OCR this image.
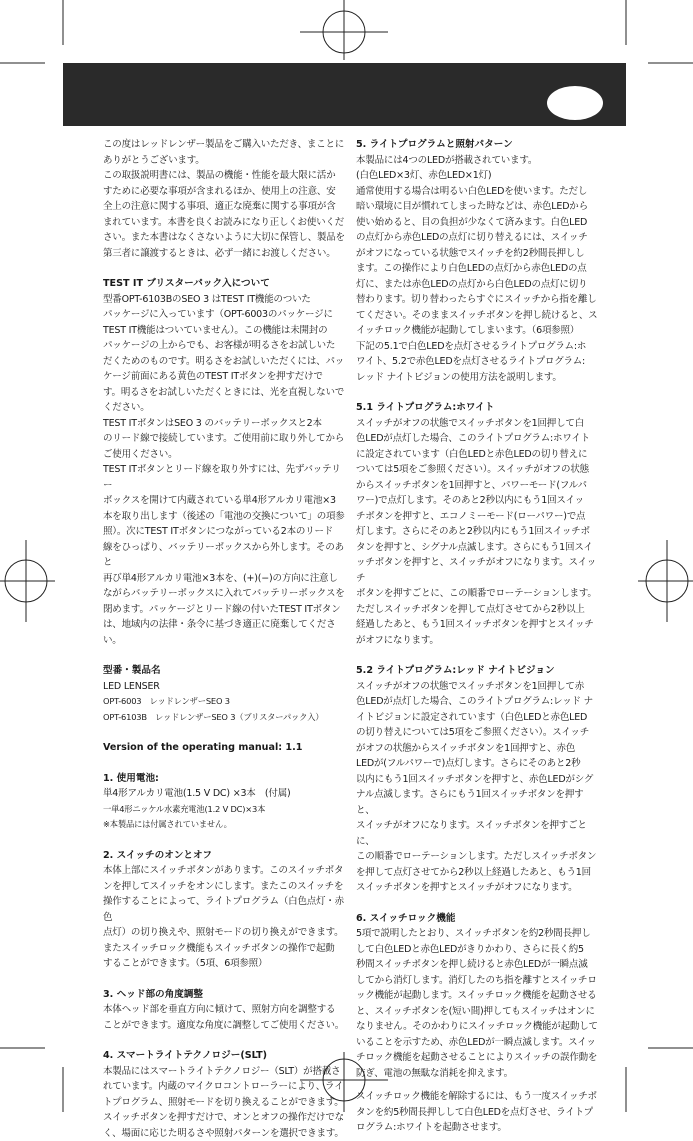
この度はレッドレンザー製品をご購入いただき、まことに
ありがとうございます。
この取扱説明書には、製品の機能・性能を最大限に活か
すために必要な事項が含まれるほか、使用上の注意、安
全上の注意に関する事項、適正な廃棄に関する事項が含
まれています。本書を良くお読みになり正しくお使いくだ
さい。また本書はなくさないように大切に保管し、製品を
第三者に譲渡するときは、必ず一緒にお渡しください。

TEST IT ブリスターパック入について

型番OPT-6103BのSEO 3 はTEST IT機能のついた
パッケージに入っています（OPT-6003のパッケージに
TEST IT機能はついていません）。この機能は未開封の
パッケージの上からでも、お客様が明るさをお試しいた
だくためのものです。明るさをお試しいただくには、パッ
ケージ前面にある黄色のTEST ITボタンを押すだけで
す。明るさをお試しいただくときには、光を直視しないで
ください。

TEST ITボタンはSEO 3 のバッテリーボックスと2本
のリード線で接続しています。ご使用前に取り外してから
ご使用ください。

TEST ITボタンとリード線を取り外すには、先ずバッテリー
ボックスを開けて内蔵されている単4形アルカリ電池×3
本を取り出します（後述の「電池の交換について」の項参
照）。次にTEST ITボタンにつながっている2本のリード
線をひっぱり、バッテリーボックスから外します。そのあと
再び単4形アルカリ電池×3本を、(+)(−)の方向に注意し
ながらバッテリーボックスに入れてバッテリーボックスを
閉めます。パッケージとリード線の付いたTEST ITボタン
は、地域内の法律・条令に基づき適正に廃棄してください。

型番・製品名

LED LENSER

OPT-6003　レッドレンザーSEO 3

OPT-6103B　レッドレンザーSEO 3（ブリスターパック入）

Version of the operating manual: 1.1
1. 使用電池:

単4形アルカリ電池(1.5 V DC) ×3本　(付属)

一単4形ニッケル水素充電池(1.2 V DC)×3本
※本製品には付属されていません。

2. スイッチのオンとオフ

本体上部にスイッチボタンがあります。このスイッチボタ
ンを押してスイッチをオンにします。またこのスイッチを
操作することによって、ライトプログラム（白色点灯・赤色
点灯）の切り換えや、照射モードの切り換えができます。
またスイッチロック機能もスイッチボタンの操作で起動
することができます。（5項、6項参照）

3. ヘッド部の角度調整

本体ヘッド部を垂直方向に傾けて、照射方向を調整する
ことができます。適度な角度に調整してご使用ください。

4. スマートライトテクノロジー(SLT)

本製品にはスマートライトテクノロジー（SLT）が搭載さ
れています。内蔵のマイクロコントローラーにより、ライ
トプログラム、照射モードを切り換えることができます。
スイッチボタンを押すだけで、オンとオフの操作だけでな
く、場面に応じた明るさや照射パターンを選択できます。

5. ライトプログラムと照射パターン

本製品には4つのLEDが搭載されています。
(白色LED×3灯、赤色LED×1灯)
通常使用する場合は明るい白色LEDを使います。ただし
暗い環境に目が慣れてしまった時などは、赤色LEDから
使い始めると、目の負担が少なくて済みます。白色LED
の点灯から赤色LEDの点灯に切り替えるには、スイッチ
がオフになっている状態でスイッチを約2秒間長押しし
ます。この操作により白色LEDの点灯から赤色LEDの点
灯に、または赤色LEDの点灯から白色LEDの点灯に切り
替わります。切り替わったらすぐにスイッチから指を離し
てください。そのままスイッチボタンを押し続けると、ス
イッチロック機能が起動してしまいます。（6項参照）
下記の5.1で白色LEDを点灯させるライトプログラム:ホ
ワイト、5.2で赤色LEDを点灯させるライトプログラム:
レッド ナイトビジョンの使用方法を説明します。

5.1 ライトプログラム:ホワイト

スイッチがオフの状態でスイッチボタンを1回押して白
色LEDが点灯した場合、このライトプログラム:ホワイト
に設定されています（白色LEDと赤色LEDの切り替えに
ついては5項をご参照ください）。スイッチがオフの状態
からスイッチボタンを1回押すと、パワーモード(フルパ
ワー)で点灯します。そのあと2秒以内にもう1回スイッ
チボタンを押すと、エコノミーモード(ローパワー)で点
灯します。さらにそのあと2秒以内にもう1回スイッチボ
タンを押すと、シグナル点滅します。さらにもう1回スイ
ッチボタンを押すと、スイッチがオフになります。スイッチ
ボタンを押すごとに、この順番でローテーションします。
ただしスイッチボタンを押して点灯させてから2秒以上
経過したあと、もう1回スイッチボタンを押すとスイッチ
がオフになります。

5.2 ライトプログラム:レッド ナイトビジョン

スイッチがオフの状態でスイッチボタンを1回押して赤
色LEDが点灯した場合、このライトプログラム:レッド ナ
イトビジョンに設定されています（白色LEDと赤色LED
の切り替えについては5項をご参照ください）。スイッチ
がオフの状態からスイッチボタンを1回押すと、赤色
LEDが(フルパワーで)点灯します。さらにそのあと2秒
以内にもう1回スイッチボタンを押すと、赤色LEDがシグ
ナル点滅します。さらにもう1回スイッチボタンを押すと、
スイッチがオフになります。スイッチボタンを押すごとに、
この順番でローテーションします。ただしスイッチボタン
を押して点灯させてから2秒以上経過したあと、もう1回
スイッチボタンを押すとスイッチがオフになります。

6. スイッチロック機能

5項で説明したとおり、スイッチボタンを約2秒間長押し
して白色LEDと赤色LEDがきりかわり、さらに長く約5
秒間スイッチボタンを押し続けると赤色LEDが一瞬点滅
してから消灯します。消灯したのち指を離すとスイッチロ
ック機能が起動します。スイッチロック機能を起動させる
と、スイッチボタンを(短い間)押してもスイッチはオンに
なりません。そのかわりにスイッチロック機能が起動して
いることを示すため、赤色LEDが一瞬点滅します。スイッ
チロック機能を起動させることによりスイッチの誤作動を
防ぎ、電池の無駄な消耗を抑えます。

スイッチロック機能を解除するには、もう一度スイッチボ
タンを約5秒間長押しして白色LEDを点灯させ、ライトプ
ログラム:ホワイトを起動させます。
